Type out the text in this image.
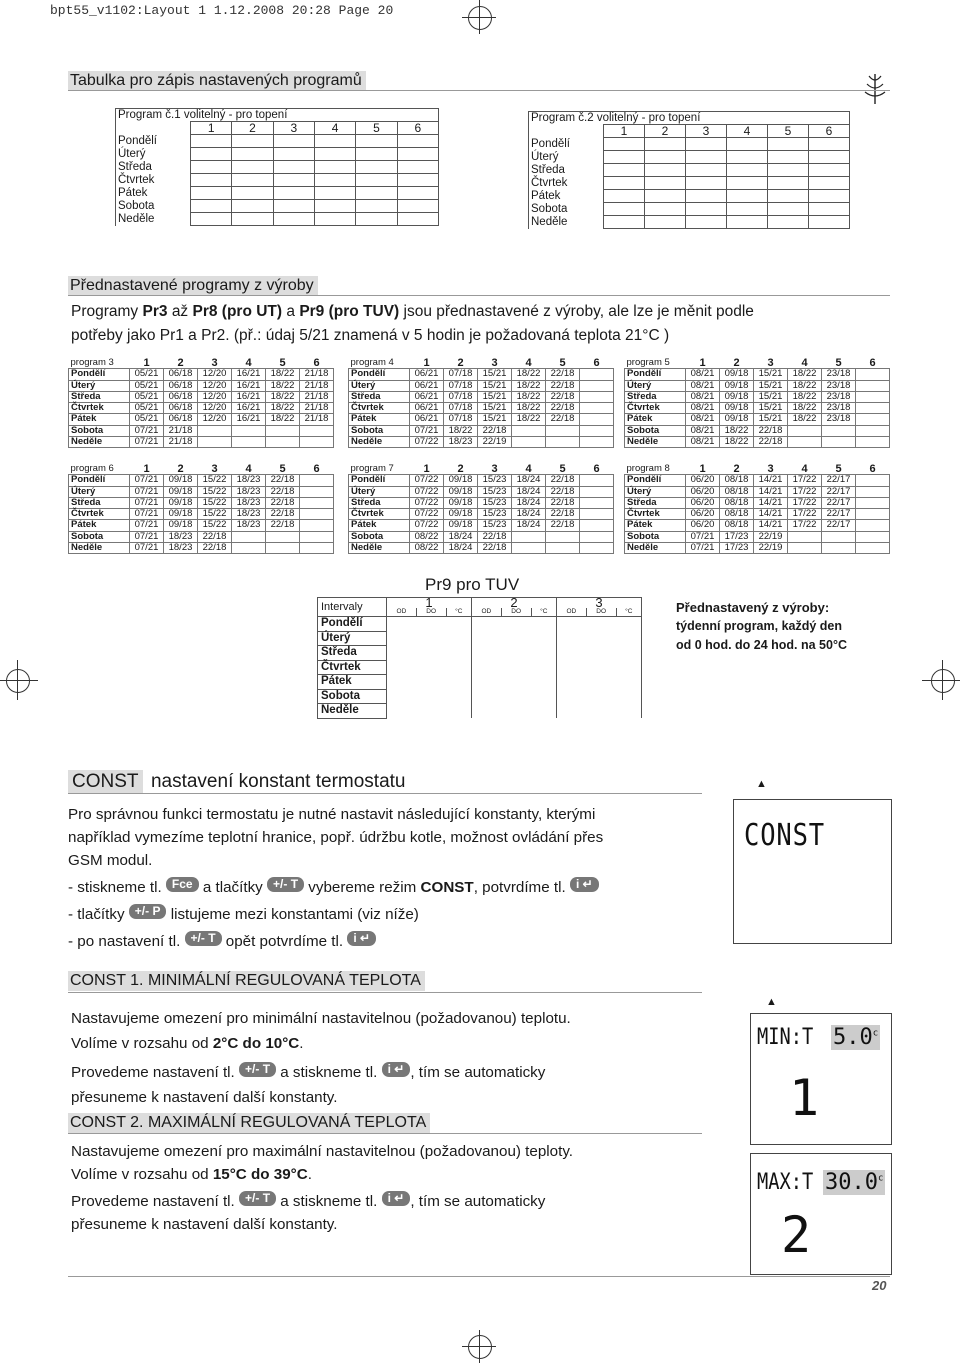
bpt55_v1102:Layout 1 1.12.2008 20:28 Page 20
Tabulka pro zápis nastavených programů
Program č.1 volitelný - pro topení						
	1	2	3	4	5	6
Pondělí						
Úterý						
Středa						
Čtvrtek						
Pátek						
Sobota						
Neděle						
Program č.2 volitelný - pro topení						
	1	2	3	4	5	6
Pondělí						
Úterý						
Středa						
Čtvrtek						
Pátek						
Sobota						
Neděle						
Přednastavené programy z výroby
Programy Pr3 až Pr8 (pro UT) a Pr9 (pro TUV) jsou přednastavené z výroby, ale lze je měnit podle
potřeby jako Pr1 a Pr2. (př.: údaj 5/21 znamená v 5 hodin je požadovaná teplota 21°C )
program 3	1	2	3	4	5	6
Pondělí	05/21	06/18	12/20	16/21	18/22	21/18
Úterý	05/21	06/18	12/20	16/21	18/22	21/18
Středa	05/21	06/18	12/20	16/21	18/22	21/18
Čtvrtek	05/21	06/18	12/20	16/21	18/22	21/18
Pátek	05/21	06/18	12/20	16/21	18/22	21/18
Sobota	07/21	21/18				
Neděle	07/21	21/18				
program 4	1	2	3	4	5	6
Pondělí	06/21	07/18	15/21	18/22	22/18	
Úterý	06/21	07/18	15/21	18/22	22/18	
Středa	06/21	07/18	15/21	18/22	22/18	
Čtvrtek	06/21	07/18	15/21	18/22	22/18	
Pátek	06/21	07/18	15/21	18/22	22/18	
Sobota	07/21	18/22	22/18			
Neděle	07/22	18/23	22/19			
program 5	1	2	3	4	5	6
Pondělí	08/21	09/18	15/21	18/22	23/18	
Úterý	08/21	09/18	15/21	18/22	23/18	
Středa	08/21	09/18	15/21	18/22	23/18	
Čtvrtek	08/21	09/18	15/21	18/22	23/18	
Pátek	08/21	09/18	15/21	18/22	23/18	
Sobota	08/21	18/22	22/18			
Neděle	08/21	18/22	22/18			
program 6	1	2	3	4	5	6
Pondělí	07/21	09/18	15/22	18/23	22/18	
Úterý	07/21	09/18	15/22	18/23	22/18	
Středa	07/21	09/18	15/22	18/23	22/18	
Čtvrtek	07/21	09/18	15/22	18/23	22/18	
Pátek	07/21	09/18	15/22	18/23	22/18	
Sobota	07/21	18/23	22/18			
Neděle	07/21	18/23	22/18			
program 7	1	2	3	4	5	6
Pondělí	07/22	09/18	15/23	18/24	22/18	
Úterý	07/22	09/18	15/23	18/24	22/18	
Středa	07/22	09/18	15/23	18/24	22/18	
Čtvrtek	07/22	09/18	15/23	18/24	22/18	
Pátek	07/22	09/18	15/23	18/24	22/18	
Sobota	08/22	18/24	22/18			
Neděle	08/22	18/24	22/18			
program 8	1	2	3	4	5	6
Pondělí	06/20	08/18	14/21	17/22	22/17	
Úterý	06/20	08/18	14/21	17/22	22/17	
Středa	06/20	08/18	14/21	17/22	22/17	
Čtvrtek	06/20	08/18	14/21	17/22	22/17	
Pátek	06/20	08/18	14/21	17/22	22/17	
Sobota	07/21	17/23	22/19			
Neděle	07/21	17/23	22/19			
Pr9 pro TUV
Intervaly	1			2			3		
	OD	DO	°C	OD	DO	°C	OD	DO	°C
Pondělí									
Úterý									
Středa									
Čtvrtek									
Pátek									
Sobota									
Neděle									
Přednastavený z výroby:
týdenní program, každý den
od 0 hod. do 24 hod. na 50°C
CONST nastavení konstant termostatu
Pro správnou funkci termostatu je nutné nastavit následující konstanty, kterými
například vymezíme teplotní hranice, popř. údržbu kotle, možnost ovládání přes
GSM modul.
- stiskneme tl. Fce a tlačítky +/- T vybereme režim CONST, potvrdíme tl. i ↵
- tlačítky +/- P listujeme mezi konstantami (viz níže)
- po nastavení tl. +/- T opět potvrdíme tl. i ↵
▲
CONST
CONST 1. MINIMÁLNÍ REGULOVANÁ TEPLOTA
Nastavujeme omezení pro minimální nastavitelnou (požadovanou) teplotu.
Volíme v rozsahu od 2°C do 10°C.
Provedeme nastavení tl. +/- T a stiskneme tl. i ↵ , tím se automaticky
přesuneme k nastavení další konstanty.
▲
MIN:T 5.0$^c$
1
CONST 2. MAXIMÁLNÍ REGULOVANÁ TEPLOTA
Nastavujeme omezení pro maximální nastavitelnou (požadovanou) teploty.
Volíme v rozsahu od 15°C do 39°C.
Provedeme nastavení tl. +/- T a stiskneme tl. i ↵ , tím se automaticky
přesuneme k nastavení další konstanty.
MAX:T 30.0$^c$
2
20
